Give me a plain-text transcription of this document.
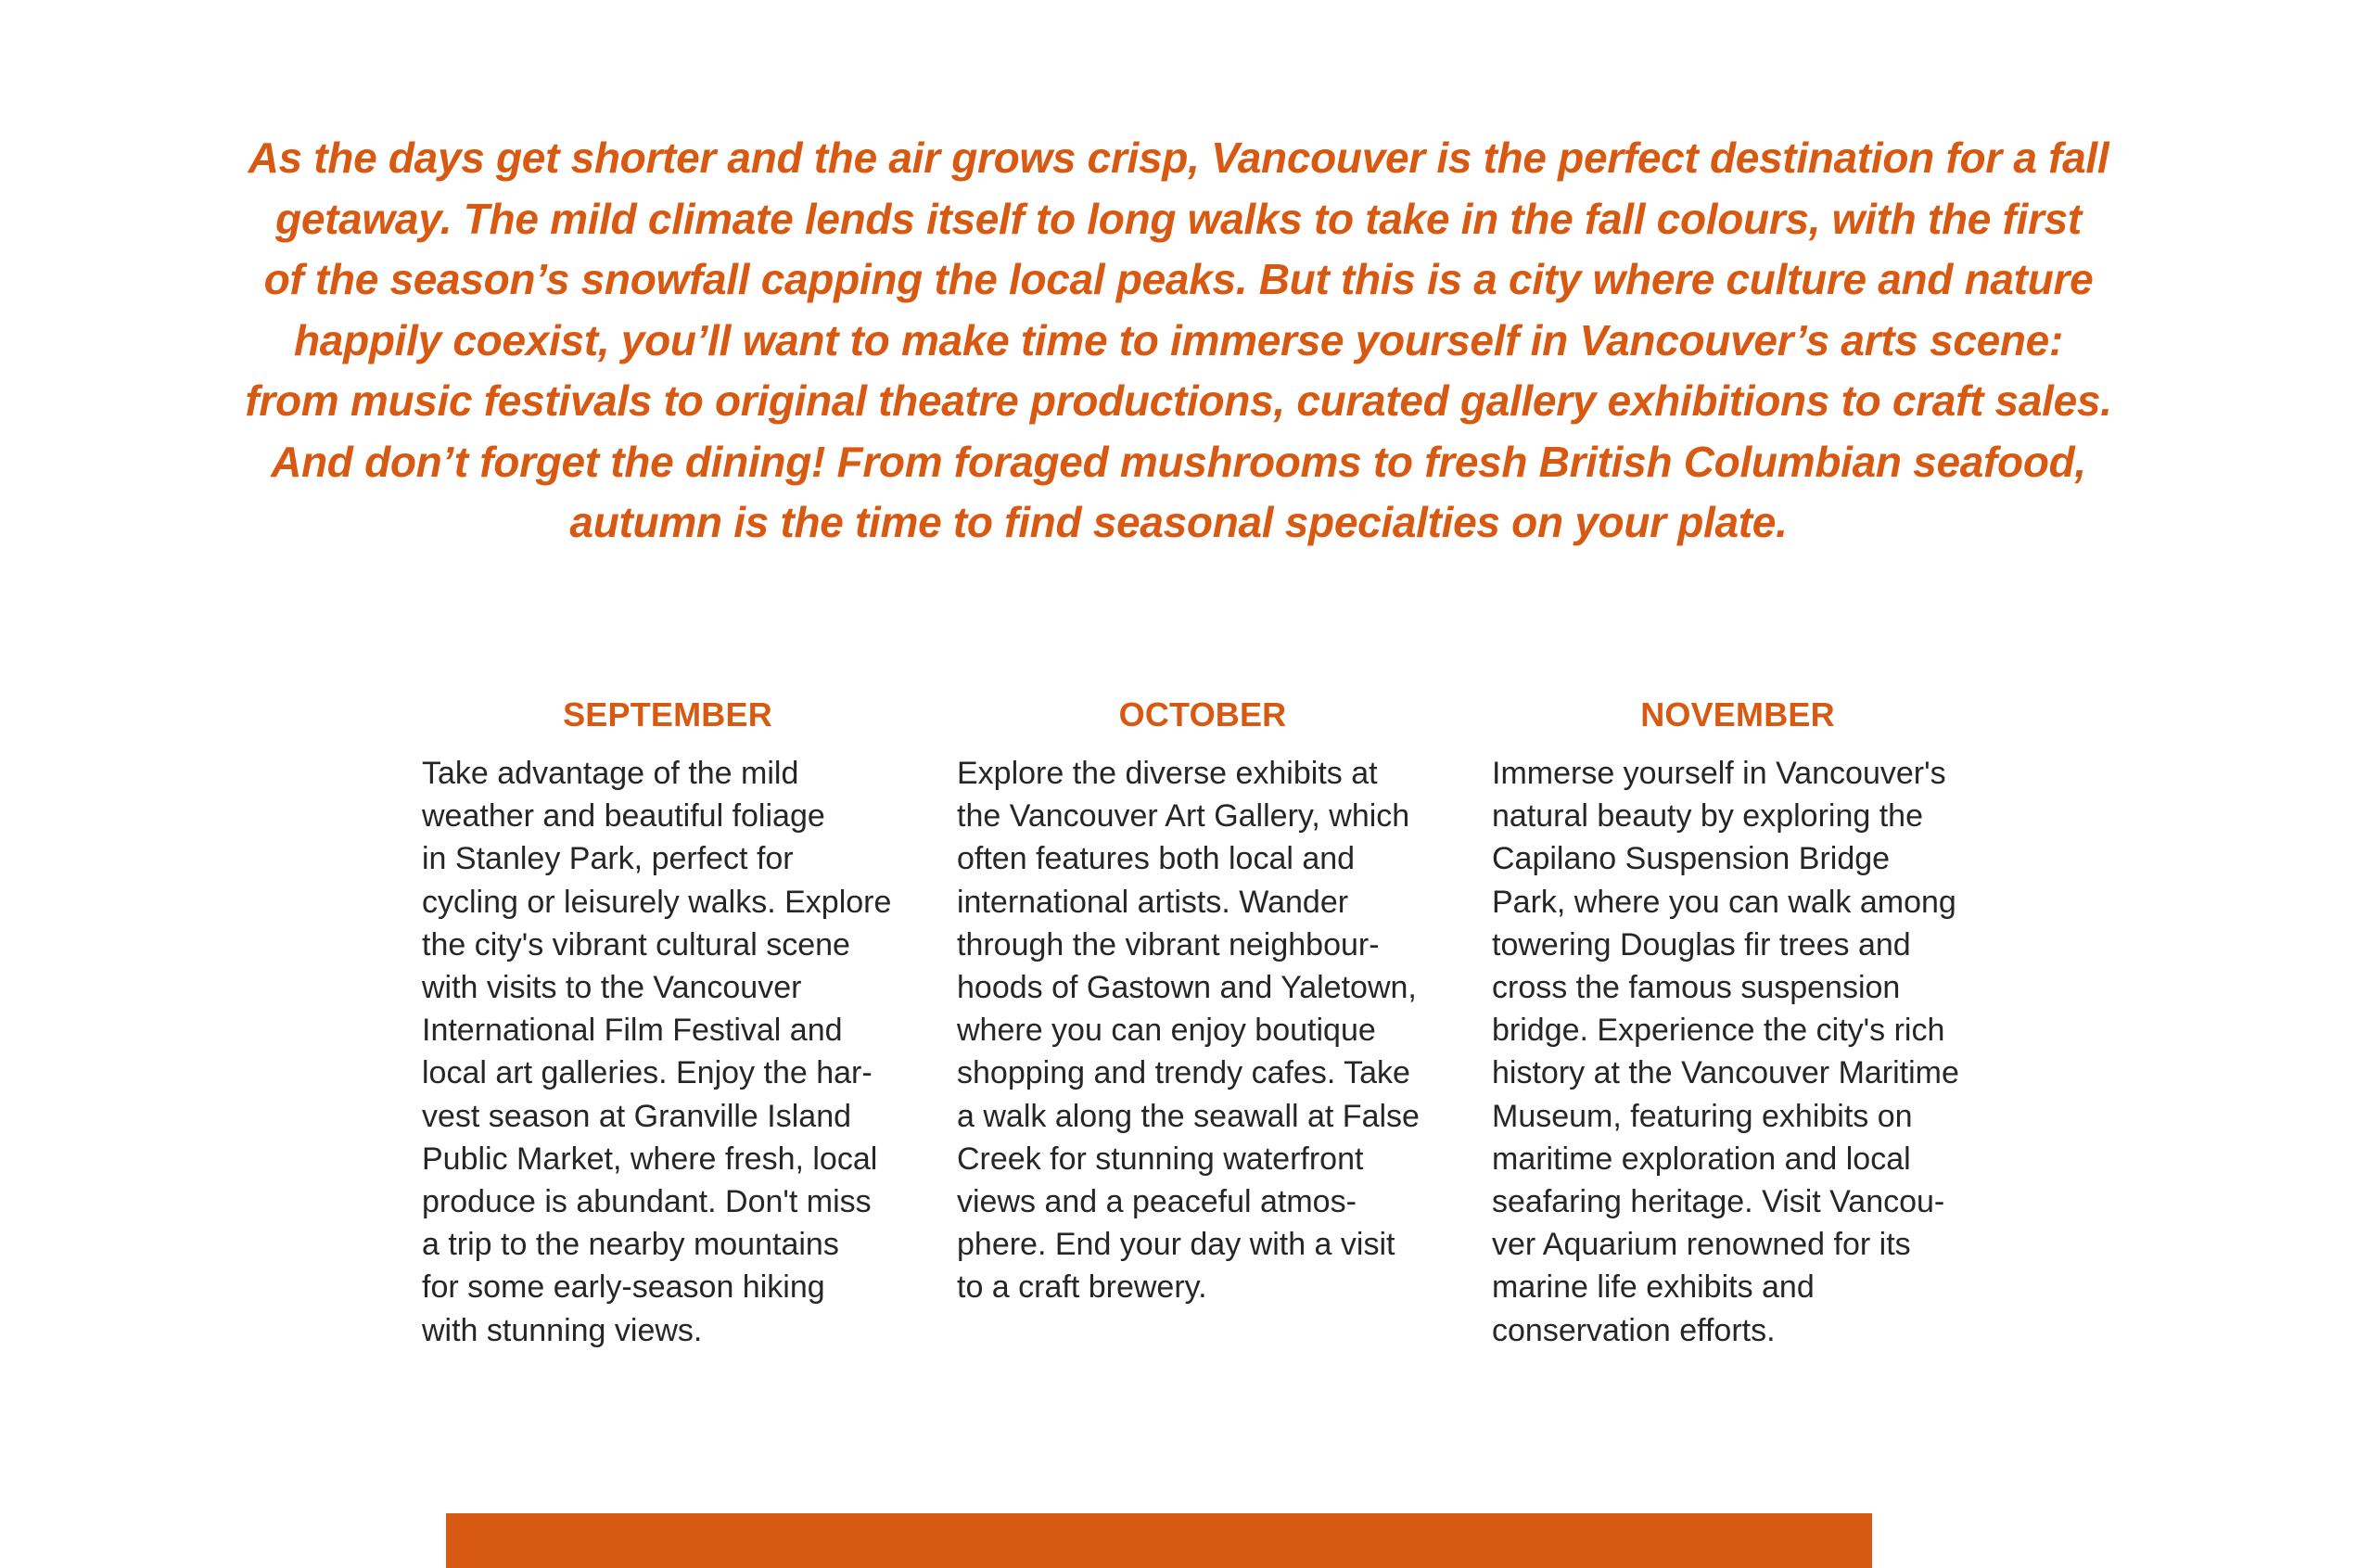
As the days get shorter and the air grows crisp, Vancouver is the perfect destination for a fall
getaway. The mild climate lends itself to long walks to take in the fall colours, with the first
of the season’s snowfall capping the local peaks. But this is a city where culture and nature
happily coexist, you’ll want to make time to immerse yourself in Vancouver’s arts scene:
from music festivals to original theatre productions, curated gallery exhibitions to craft sales.
And don’t forget the dining! From foraged mushrooms to fresh British Columbian seafood,
autumn is the time to find seasonal specialties on your plate.

SEPTEMBER

Take advantage of the mild
weather and beautiful foliage
in Stanley Park, perfect for
cycling or leisurely walks. Explore
the city's vibrant cultural scene
with visits to the Vancouver
International Film Festival and
local art galleries. Enjoy the har-
vest season at Granville Island
Public Market, where fresh, local
produce is abundant. Don't miss
a trip to the nearby mountains
for some early-season hiking
with stunning views.

OCTOBER

Explore the diverse exhibits at
the Vancouver Art Gallery, which
often features both local and
international artists. Wander
through the vibrant neighbour-
hoods of Gastown and Yaletown,
where you can enjoy boutique
shopping and trendy cafes. Take
a walk along the seawall at False
Creek for stunning waterfront
views and a peaceful atmos-
phere. End your day with a visit
to a craft brewery.

NOVEMBER

Immerse yourself in Vancouver's
natural beauty by exploring the
Capilano Suspension Bridge
Park, where you can walk among
towering Douglas fir trees and
cross the famous suspension
bridge. Experience the city's rich
history at the Vancouver Maritime
Museum, featuring exhibits on
maritime exploration and local
seafaring heritage. Visit Vancou-
ver Aquarium renowned for its
marine life exhibits and
conservation efforts.
